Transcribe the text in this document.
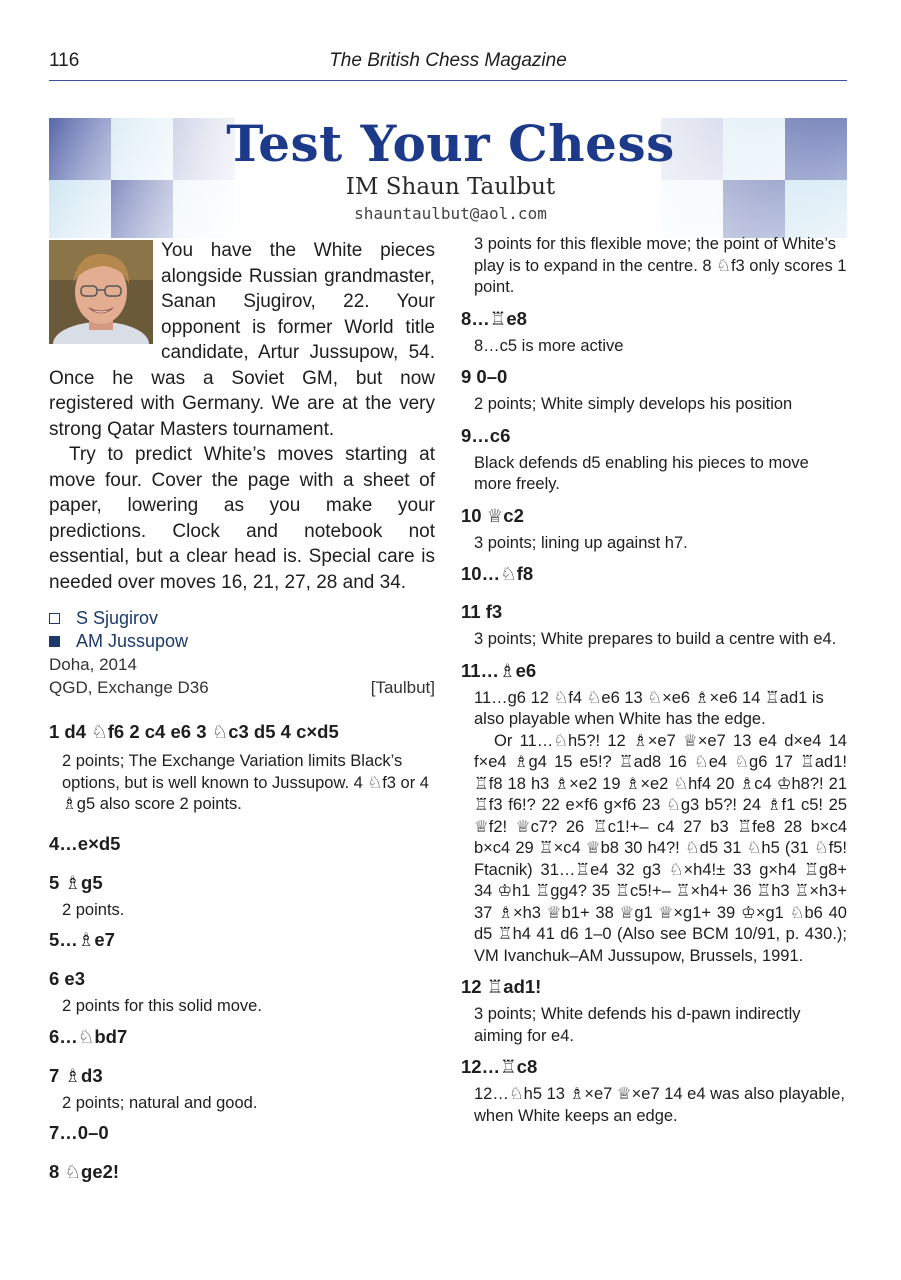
116	The British Chess Magazine
Test Your Chess
IM Shaun Taulbut
shauntaulbut@aol.com

You have the White pieces alongside Russian grandmaster, Sanan Sjugirov, 22. Your opponent is former World title candidate, Artur Jussupow, 54. Once he was a Soviet GM, but now registered with Germany. We are at the very strong Qatar Masters tournament.

Try to predict White’s moves starting at move four. Cover the page with a sheet of paper, lowering as you make your predictions. Clock and notebook not essential, but a clear head is. Special care is needed over moves 16, 21, 27, 28 and 34.

S Sjugirov
AM Jussupow
Doha, 2014
QGD, Exchange D36	[Taulbut]
1 d4 ♘f6 2 c4 e6 3 ♘c3 d5 4 c×d5

2 points; The Exchange Variation limits Black’s options, but is well known to Jussupow. 4 ♘f3 or 4 ♗g5 also score 2 points.

4…e×d5
5 ♗g5

2 points.

5…♗e7
6 e3

2 points for this solid move.

6…♘bd7
7 ♗d3

2 points; natural and good.

7…0–0
8 ♘ge2!

3 points for this flexible move; the point of White’s play is to expand in the centre. 8 ♘f3 only scores 1 point.

8…♖e8

8…c5 is more active

9 0–0

2 points; White simply develops his position

9…c6

Black defends d5 enabling his pieces to move more freely.

10 ♕c2

3 points; lining up against h7.

10…♘f8
11 f3

3 points; White prepares to build a centre with e4.

11…♗e6

11…g6 12 ♘f4 ♘e6 13 ♘×e6 ♗×e6 14 ♖ad1 is also playable when White has the edge.

Or 11…♘h5?! 12 ♗×e7 ♕×e7 13 e4 d×e4 14 f×e4 ♗g4 15 e5!? ♖ad8 16 ♘e4 ♘g6 17 ♖ad1! ♖f8 18 h3 ♗×e2 19 ♗×e2 ♘hf4 20 ♗c4 ♔h8?! 21 ♖f3 f6!? 22 e×f6 g×f6 23 ♘g3 b5?! 24 ♗f1 c5! 25 ♕f2! ♕c7? 26 ♖c1!+– c4 27 b3 ♖fe8 28 b×c4 b×c4 29 ♖×c4 ♕b8 30 h4?! ♘d5 31 ♘h5 (31 ♘f5! Ftacnik) 31…♖e4 32 g3 ♘×h4!± 33 g×h4 ♖g8+ 34 ♔h1 ♖gg4? 35 ♖c5!+– ♖×h4+ 36 ♖h3 ♖×h3+ 37 ♗×h3 ♕b1+ 38 ♕g1 ♕×g1+ 39 ♔×g1 ♘b6 40 d5 ♖h4 41 d6 1–0 (Also see BCM 10/91, p. 430.); VM Ivanchuk–AM Jussupow, Brussels, 1991.

12 ♖ad1!

3 points; White defends his d-pawn indirectly aiming for e4.

12…♖c8

12…♘h5 13 ♗×e7 ♕×e7 14 e4 was also playable, when White keeps an edge.
